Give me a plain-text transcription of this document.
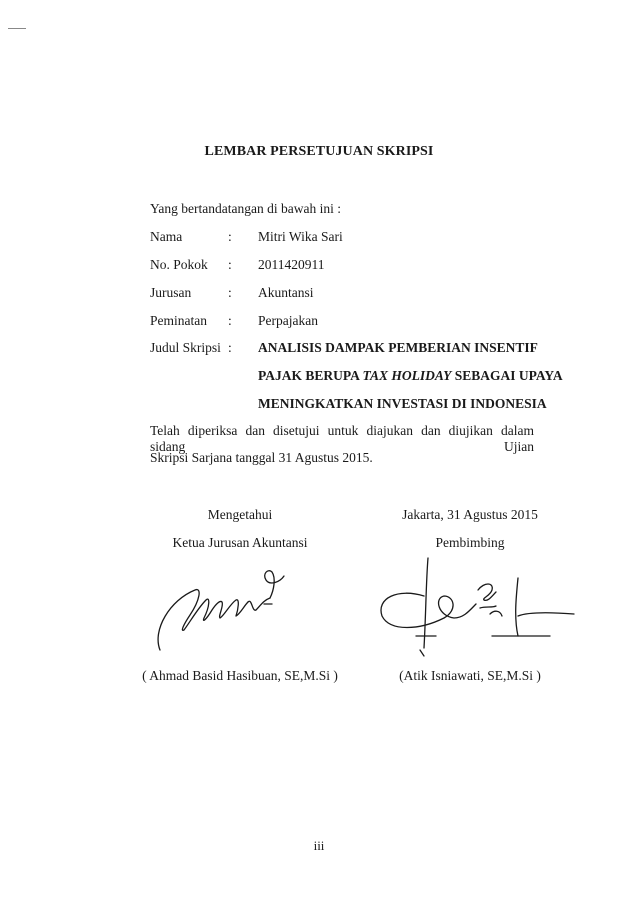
LEMBAR PERSETUJUAN SKRIPSI
Yang bertandatangan di bawah ini :
Nama	: Mitri Wika Sari
No. Pokok : 2011420911
Jurusan	: Akuntansi
Peminatan : Perpajakan
Judul Skripsi : ANALISIS DAMPAK PEMBERIAN INSENTIF
PAJAK BERUPA TAX HOLIDAY SEBAGAI UPAYA
MENINGKATKAN INVESTASI DI INDONESIA
Telah diperiksa dan disetujui untuk diajukan dan diujikan dalam sidang Ujian
Skripsi Sarjana tanggal 31 Agustus 2015.
Mengetahui
Ketua Jurusan Akuntansi
Jakarta, 31 Agustus 2015
Pembimbing
( Ahmad Basid Hasibuan, SE,M.Si )	(Atik Isniawati, SE,M.Si )
iii
